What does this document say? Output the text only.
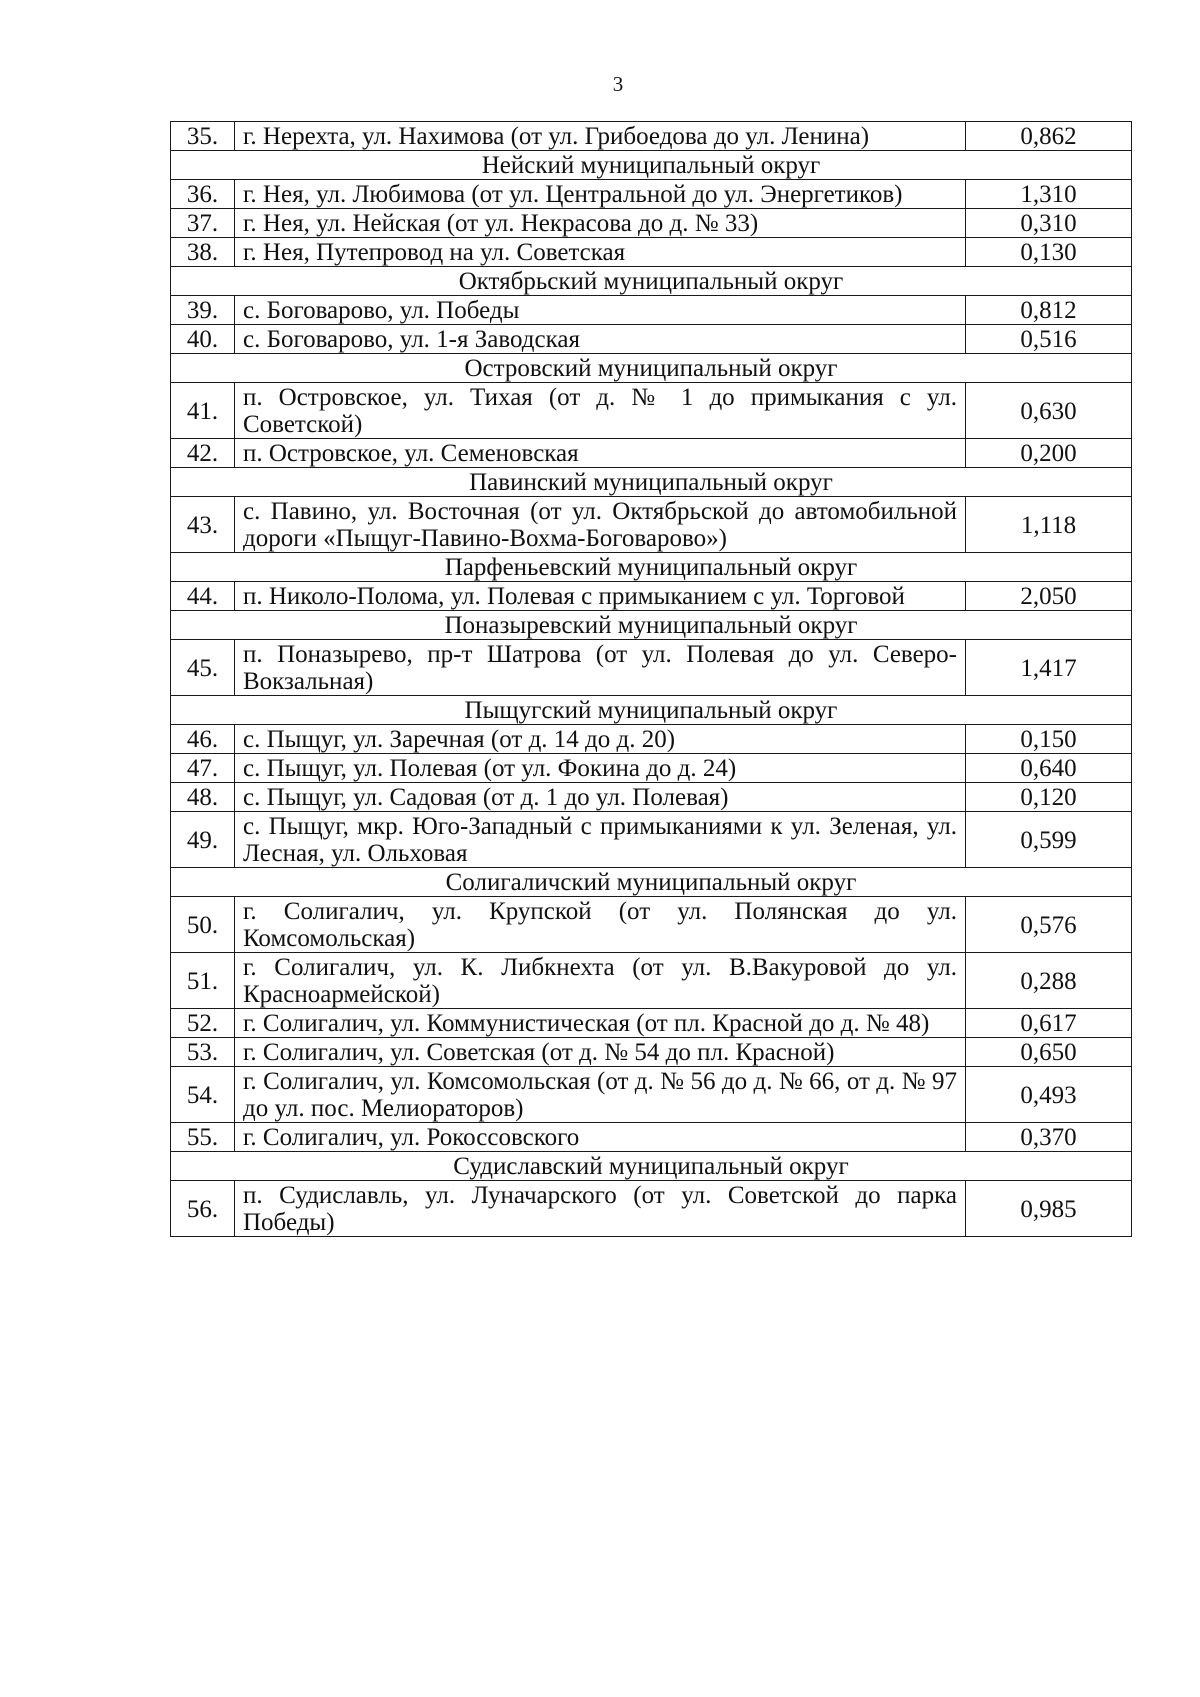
3
35.	г. Нерехта, ул. Нахимова (от ул. Грибоедова до ул. Ленина)	0,862
Нейский муниципальный округ		
36.	г. Нея, ул. Любимова (от ул. Центральной до ул. Энергетиков)	1,310
37.	г. Нея, ул. Нейская (от ул. Некрасова до д. № 33)	0,310
38.	г. Нея, Путепровод на ул. Советская	0,130
Октябрьский муниципальный округ		
39.	с. Боговарово, ул. Победы	0,812
40.	с. Боговарово, ул. 1-я Заводская	0,516
Островский муниципальный округ		
41.	п. Островское, ул. Тихая (от д. № 1 до примыкания с ул. Советской)	0,630
42.	п. Островское, ул. Семеновская	0,200
Павинский муниципальный округ		
43.	с. Павино, ул. Восточная (от ул. Октябрьской до автомобильной дороги «Пыщуг-Павино-Вохма-Боговарово»)	1,118
Парфеньевский муниципальный округ		
44.	п. Николо-Полома, ул. Полевая с примыканием с ул. Торговой	2,050
Поназыревский муниципальный округ		
45.	п. Поназырево, пр-т Шатрова (от ул. Полевая до ул. Северо-Вокзальная)	1,417
Пыщугский муниципальный округ		
46.	с. Пыщуг, ул. Заречная (от д. 14 до д. 20)	0,150
47.	с. Пыщуг, ул. Полевая (от ул. Фокина до д. 24)	0,640
48.	с. Пыщуг, ул. Садовая (от д. 1 до ул. Полевая)	0,120
49.	с. Пыщуг, мкр. Юго-Западный с примыканиями к ул. Зеленая, ул. Лесная, ул. Ольховая	0,599
Солигаличский муниципальный округ		
50.	г. Солигалич, ул. Крупской (от ул. Полянская до ул. Комсомольская)	0,576
51.	г. Солигалич, ул. К. Либкнехта (от ул. В.Вакуровой до ул. Красноармейской)	0,288
52.	г. Солигалич, ул. Коммунистическая (от пл. Красной до д. № 48)	0,617
53.	г. Солигалич, ул. Советская (от д. № 54 до пл. Красной)	0,650
54.	г. Солигалич, ул. Комсомольская (от д. № 56 до д. № 66, от д. № 97 до ул. пос. Мелиораторов)	0,493
55.	г. Солигалич, ул. Рокоссовского	0,370
Судиславский муниципальный округ		
56.	п. Судиславль, ул. Луначарского (от ул. Советской до парка Победы)	0,985
